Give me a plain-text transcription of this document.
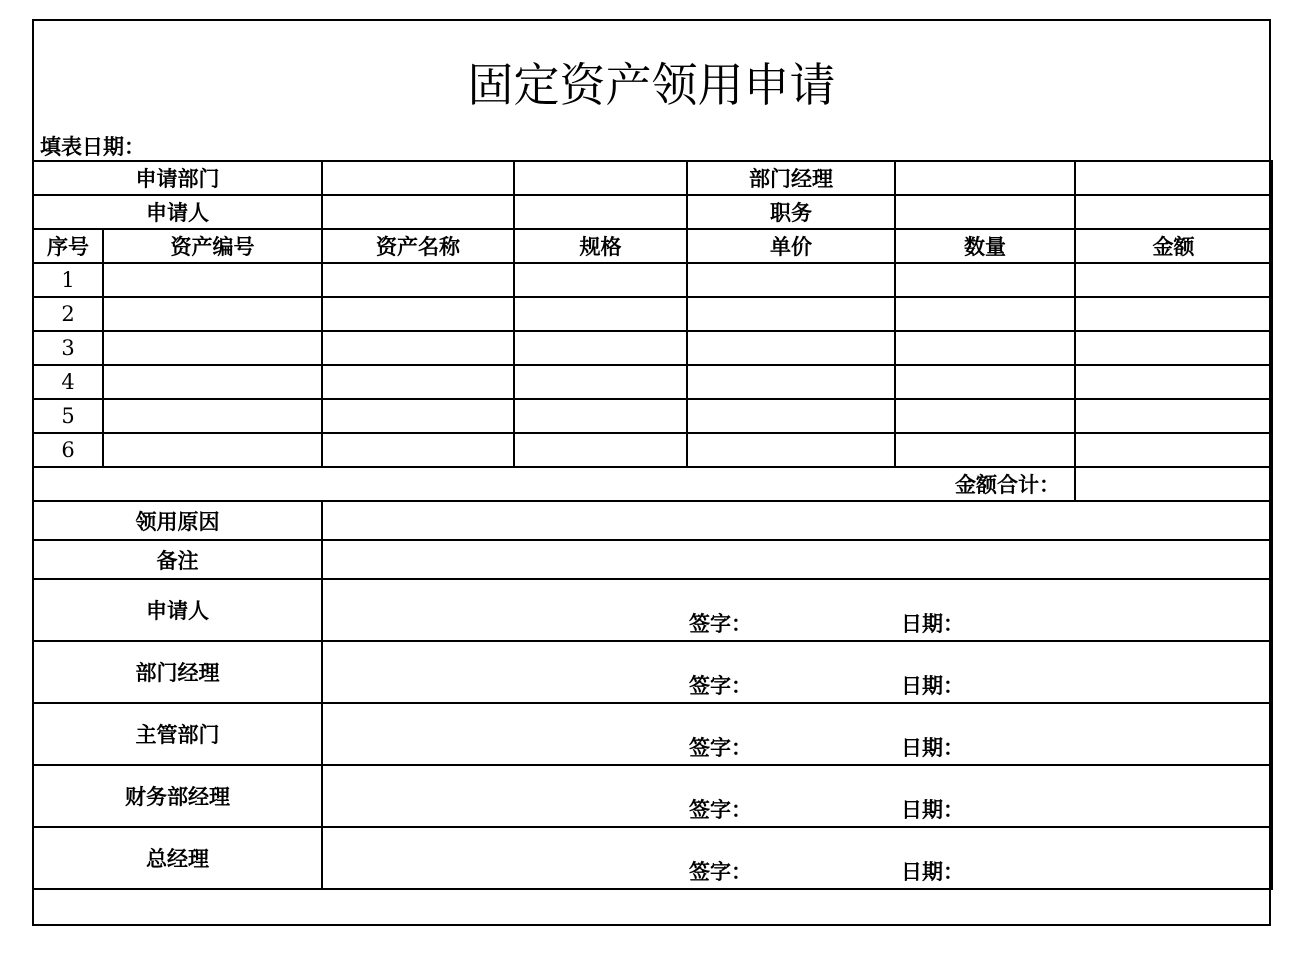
固定资产领用申请
填表日期：
申请部门				部门经理		
申请人				职务		
序号	资产编号	资产名称	规格	单价	数量	金额
1						
2						
3						
4						
5						
6						
金额合计：						
领用原因						
备注						
申请人		签字： 日期：				

部门经理		签字： 日期：				

主管部门		签字： 日期：				

财务部经理		签字： 日期：				

总经理		签字： 日期：				
